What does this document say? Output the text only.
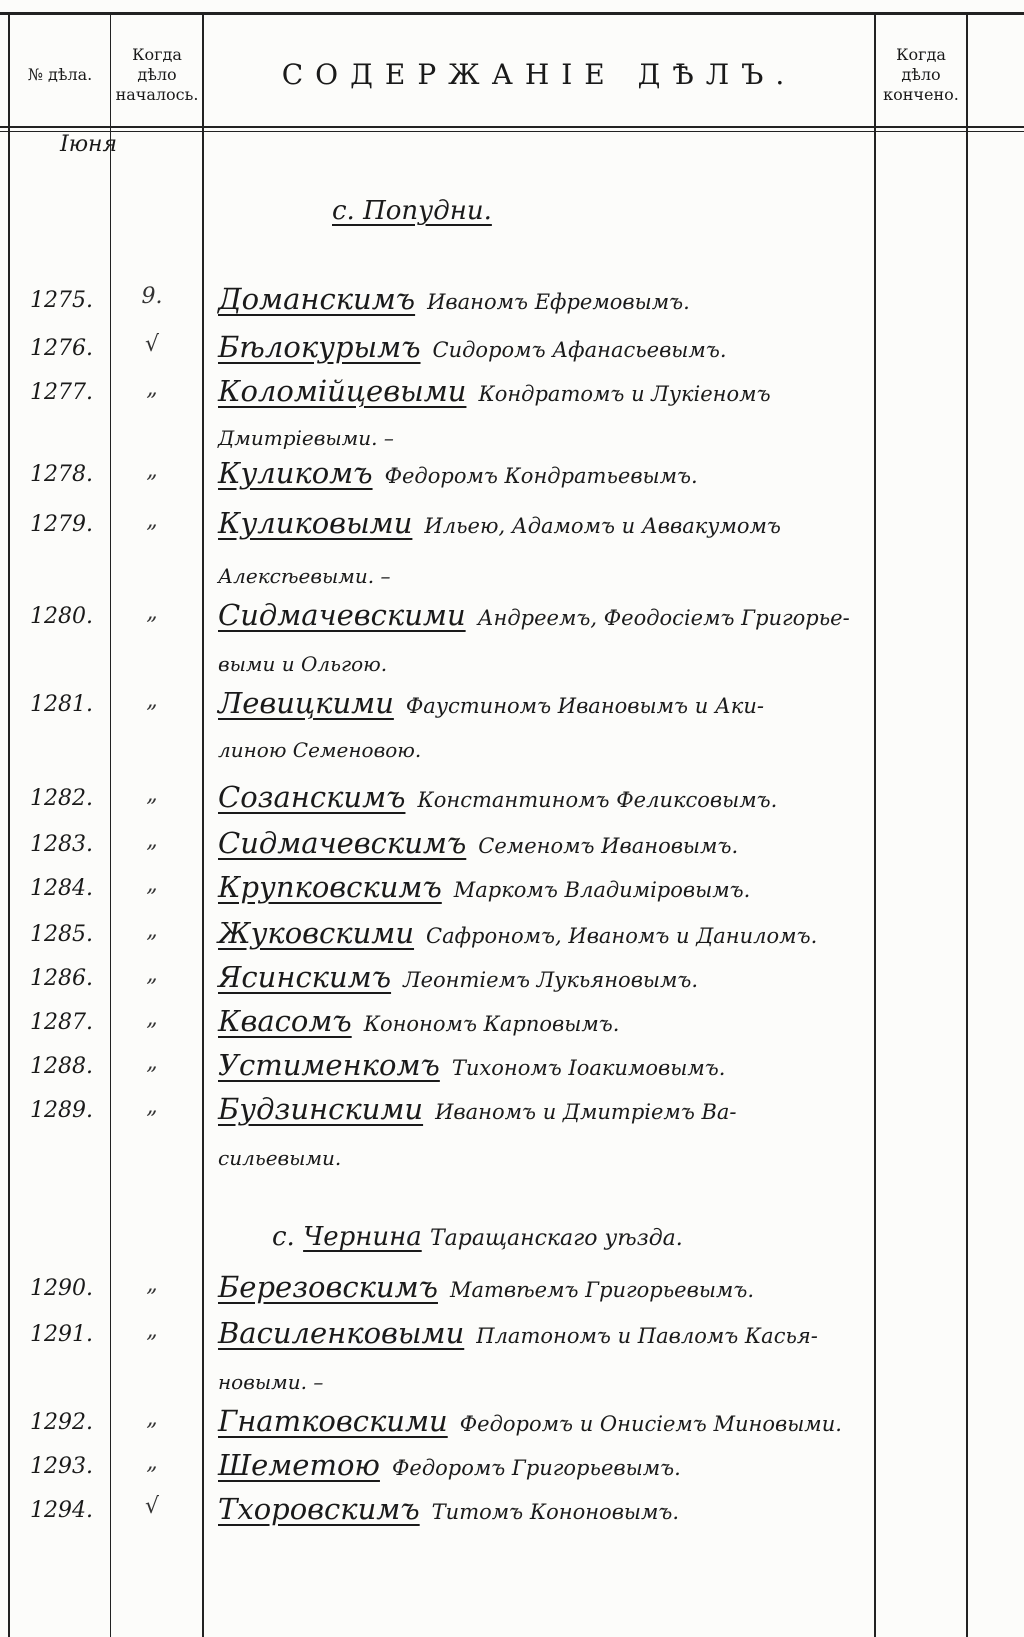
№ дѣла.
Когда дѣло началось.
СОДЕРЖАНІЕ ДѢЛЪ.
Когда дѣло кончено.
Іюня
с. Попудни.
1275.	9.	Доманскимъ Иваномъ Ефремовымъ.
1276.	√	Бѣлокурымъ Сидоромъ Афанасьевымъ.
1277.	„	Коломійцевыми Кондратомъ и Лукіеномъ
Дмитріевыми. –
1278.	„	Куликомъ Федоромъ Кондратьевымъ.
1279.	„	Куликовыми Ильею, Адамомъ и Аввакумомъ
Алексѣевыми. –
1280.	„	Сидмачевскими Андреемъ, Феодосіемъ Григорье-
выми и Ольгою.
1281.	„	Левицкими Фаустиномъ Ивановымъ и Аки-
линою Семеновою.
1282.	„	Созанскимъ Константиномъ Феликсовымъ.
1283.	„	Сидмачевскимъ Семеномъ Ивановымъ.
1284.	„	Крупковскимъ Маркомъ Владиміровымъ.
1285.	„	Жуковскими Сафрономъ, Иваномъ и Даниломъ.
1286.	„	Ясинскимъ Леонтіемъ Лукьяновымъ.
1287.	„	Квасомъ Конономъ Карповымъ.
1288.	„	Устименкомъ Тихономъ Іоакимовымъ.
1289.	„	Будзинскими Иваномъ и Дмитріемъ Ва-
сильевыми.
с. Чернина Таращанскаго уѣзда.
1290.	„	Березовскимъ Матвѣемъ Григорьевымъ.
1291.	„	Василенковыми Платономъ и Павломъ Касья-
новыми. –
1292.	„	Гнатковскими Федоромъ и Онисіемъ Миновыми.
1293.	„	Шеметою Федоромъ Григорьевымъ.
1294.	√	Тхоровскимъ Титомъ Кононовымъ.
